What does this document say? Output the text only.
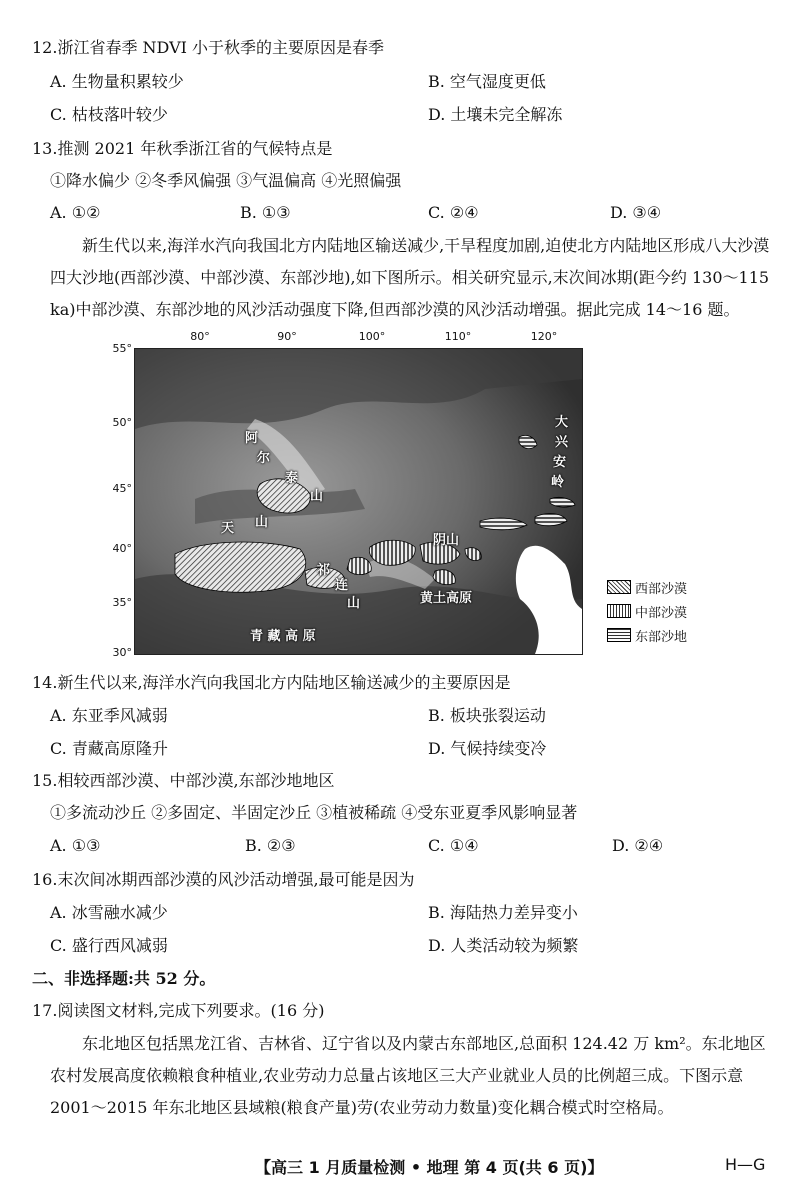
12.浙江省春季 NDVI 小于秋季的主要原因是春季
A. 生物量积累较少	B. 空气湿度更低
C. 枯枝落叶较少	D. 土壤未完全解冻
13.推测 2021 年秋季浙江省的气候特点是
①降水偏少 ②冬季风偏强 ③气温偏高 ④光照偏强
A. ①②	B. ①③	C. ②④	D. ③④
新生代以来,海洋水汽向我国北方内陆地区输送减少,干旱程度加剧,迫使北方内陆地区形成八大沙漠四大沙地(西部沙漠、中部沙漠、东部沙地),如下图所示。相关研究显示,末次间冰期(距今约 130～115 ka)中部沙漠、东部沙地的风沙活动强度下降,但西部沙漠的风沙活动增强。据此完成 14～16 题。
80°	90°	100°	110°	120°
55°
50°
45°
40°
35°
30°
阿
尔
泰
山
天 山
祁
连
山
阴山
黄土高原
青 藏 高 原
大
兴
安
岭
西部沙漠
中部沙漠
东部沙地
14.新生代以来,海洋水汽向我国北方内陆地区输送减少的主要原因是
A. 东亚季风减弱	B. 板块张裂运动
C. 青藏高原隆升	D. 气候持续变冷
15.相较西部沙漠、中部沙漠,东部沙地地区
①多流动沙丘 ②多固定、半固定沙丘 ③植被稀疏 ④受东亚夏季风影响显著
A. ①③	B. ②③	C. ①④	D. ②④
16.末次间冰期西部沙漠的风沙活动增强,最可能是因为
A. 冰雪融水减少	B. 海陆热力差异变小
C. 盛行西风减弱	D. 人类活动较为频繁
二、非选择题:共 52 分。
17.阅读图文材料,完成下列要求。(16 分)
东北地区包括黑龙江省、吉林省、辽宁省以及内蒙古东部地区,总面积 124.42 万 km²。东北地区农村发展高度依赖粮食种植业,农业劳动力总量占该地区三大产业就业人员的比例超三成。下图示意 2001～2015 年东北地区县域粮(粮食产量)劳(农业劳动力数量)变化耦合模式时空格局。
【高三 1 月质量检测 • 地理 第 4 页(共 6 页)】	H—G
